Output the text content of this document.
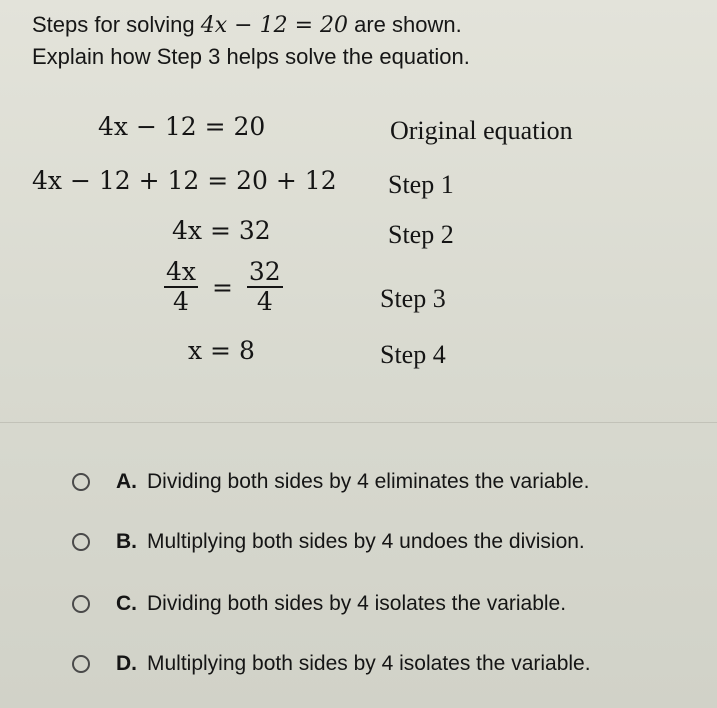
Steps for solving 4x − 12 = 20 are shown.
Explain how Step 3 helps solve the equation.
4x − 12 = 20	Original equation
4x − 12 + 12 = 20 + 12 Step 1
4x = 32	Step 2
$\frac{4x}{4} = \frac{32}{4}$	Step 3
x = 8	Step 4
A. Dividing both sides by 4 eliminates the variable.
B. Multiplying both sides by 4 undoes the division.
C. Dividing both sides by 4 isolates the variable.
D. Multiplying both sides by 4 isolates the variable.
